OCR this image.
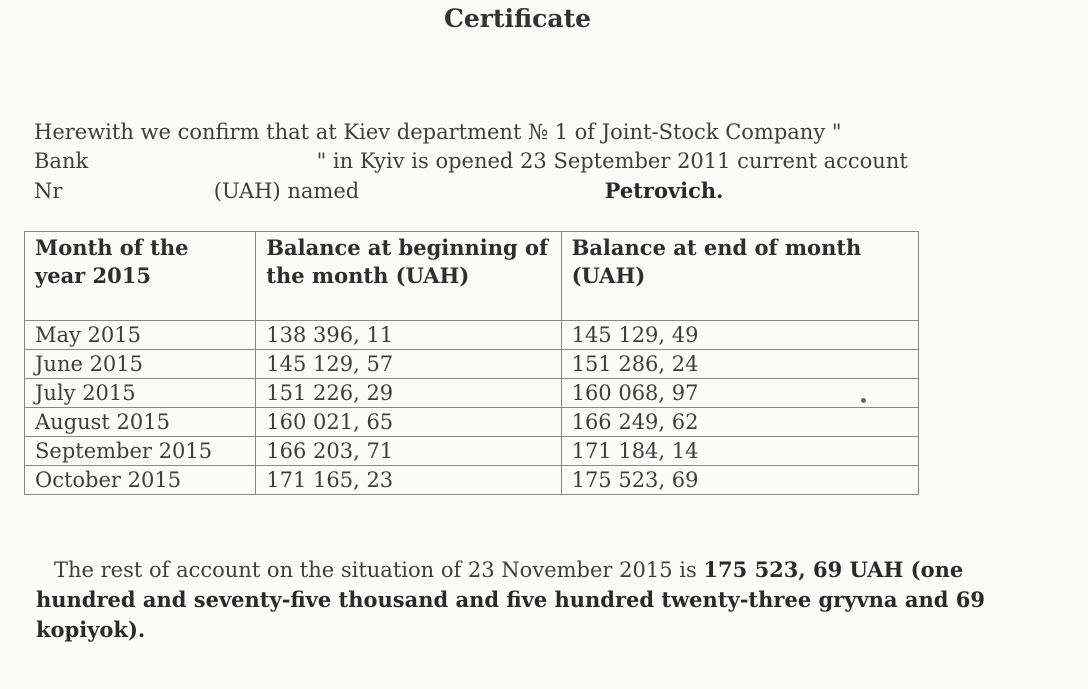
Certificate
Herewith we confirm that at Kiev department № 1 of Joint-Stock Company "
Bank	" in Kyiv is opened 23 September 2011 current account
Nr	(UAH) named	Petrovich.
Month of the year 2015	Balance at beginning of the month (UAH)	Balance at end of month (UAH)
May 2015	138 396, 11	145 129, 49
June 2015	145 129, 57	151 286, 24
July 2015	151 226, 29	160 068, 97
August 2015	160 021, 65	166 249, 62
September 2015	166 203, 71	171 184, 14
October 2015	171 165, 23	175 523, 69
The rest of account on the situation of 23 November 2015 is 175 523, 69 UAH (one hundred and seventy-five thousand and five hundred twenty-three gryvna and 69 kopiyok).
